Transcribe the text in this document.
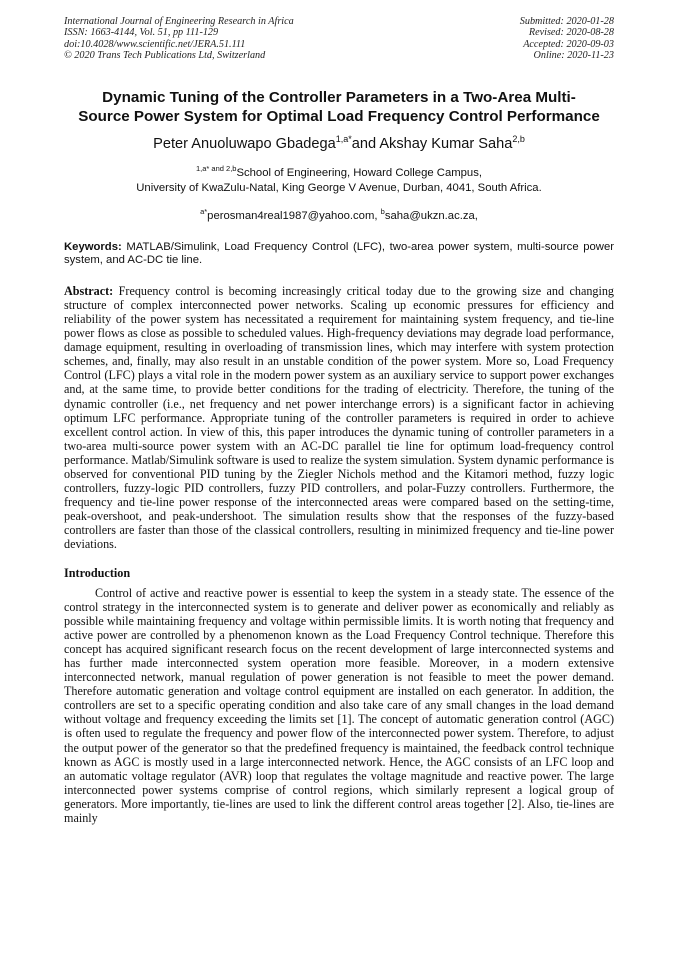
International Journal of Engineering Research in Africa
ISSN: 1663-4144, Vol. 51, pp 111-129
doi:10.4028/www.scientific.net/JERA.51.111
© 2020 Trans Tech Publications Ltd, Switzerland
Submitted: 2020-01-28
Revised: 2020-08-28
Accepted: 2020-09-03
Online: 2020-11-23
Dynamic Tuning of the Controller Parameters in a Two-Area Multi-
Source Power System for Optimal Load Frequency Control Performance
Peter Anuoluwapo Gbadega$^{1,a*}$and Akshay Kumar Saha$^{2,b}$
$^{1,a* and 2,b}$School of Engineering, Howard College Campus,
University of KwaZulu-Natal, King George V Avenue, Durban, 4041, South Africa.
$^{a*}$perosman4real1987@yahoo.com, $^b$saha@ukzn.ac.za,
Keywords: MATLAB/Simulink, Load Frequency Control (LFC), two-area power system, multi-source power system, and AC-DC tie line.
Abstract: Frequency control is becoming increasingly critical today due to the growing size and changing structure of complex interconnected power networks. Scaling up economic pressures for efficiency and reliability of the power system has necessitated a requirement for maintaining system frequency, and tie-line power flows as close as possible to scheduled values. High-frequency deviations may degrade load performance, damage equipment, resulting in overloading of transmission lines, which may interfere with system protection schemes, and, finally, may also result in an unstable condition of the power system. More so, Load Frequency Control (LFC) plays a vital role in the modern power system as an auxiliary service to support power exchanges and, at the same time, to provide better conditions for the trading of electricity. Therefore, the tuning of the dynamic controller (i.e., net frequency and net power interchange errors) is a significant factor in achieving optimum LFC performance. Appropriate tuning of the controller parameters is required in order to achieve excellent control action. In view of this, this paper introduces the dynamic tuning of controller parameters in a two-area multi-source power system with an AC-DC parallel tie line for optimum load-frequency control performance. Matlab/Simulink software is used to realize the system simulation. System dynamic performance is observed for conventional PID tuning by the Ziegler Nichols method and the Kitamori method, fuzzy logic controllers, fuzzy-logic PID controllers, fuzzy PID controllers, and polar-Fuzzy controllers. Furthermore, the frequency and tie-line power response of the interconnected areas were compared based on the setting-time, peak-overshoot, and peak-undershoot. The simulation results show that the responses of the fuzzy-based controllers are faster than those of the classical controllers, resulting in minimized frequency and tie-line power deviations.
Introduction
Control of active and reactive power is essential to keep the system in a steady state. The essence of the control strategy in the interconnected system is to generate and deliver power as economically and reliably as possible while maintaining frequency and voltage within permissible limits. It is worth noting that frequency and active power are controlled by a phenomenon known as the Load Frequency Control technique. Therefore this concept has acquired significant research focus on the recent development of large interconnected systems and has further made interconnected system operation more feasible. Moreover, in a modern extensive interconnected network, manual regulation of power generation is not feasible to meet the power demand. Therefore automatic generation and voltage control equipment are installed on each generator. In addition, the controllers are set to a specific operating condition and also take care of any small changes in the load demand without voltage and frequency exceeding the limits set [1]. The concept of automatic generation control (AGC) is often used to regulate the frequency and power flow of the interconnected power system. Therefore, to adjust the output power of the generator so that the predefined frequency is maintained, the feedback control technique known as AGC is mostly used in a large interconnected network. Hence, the AGC consists of an LFC loop and an automatic voltage regulator (AVR) loop that regulates the voltage magnitude and reactive power. The large interconnected power systems comprise of control regions, which similarly represent a logical group of generators. More importantly, tie-lines are used to link the different control areas together [2]. Also, tie-lines are mainly
